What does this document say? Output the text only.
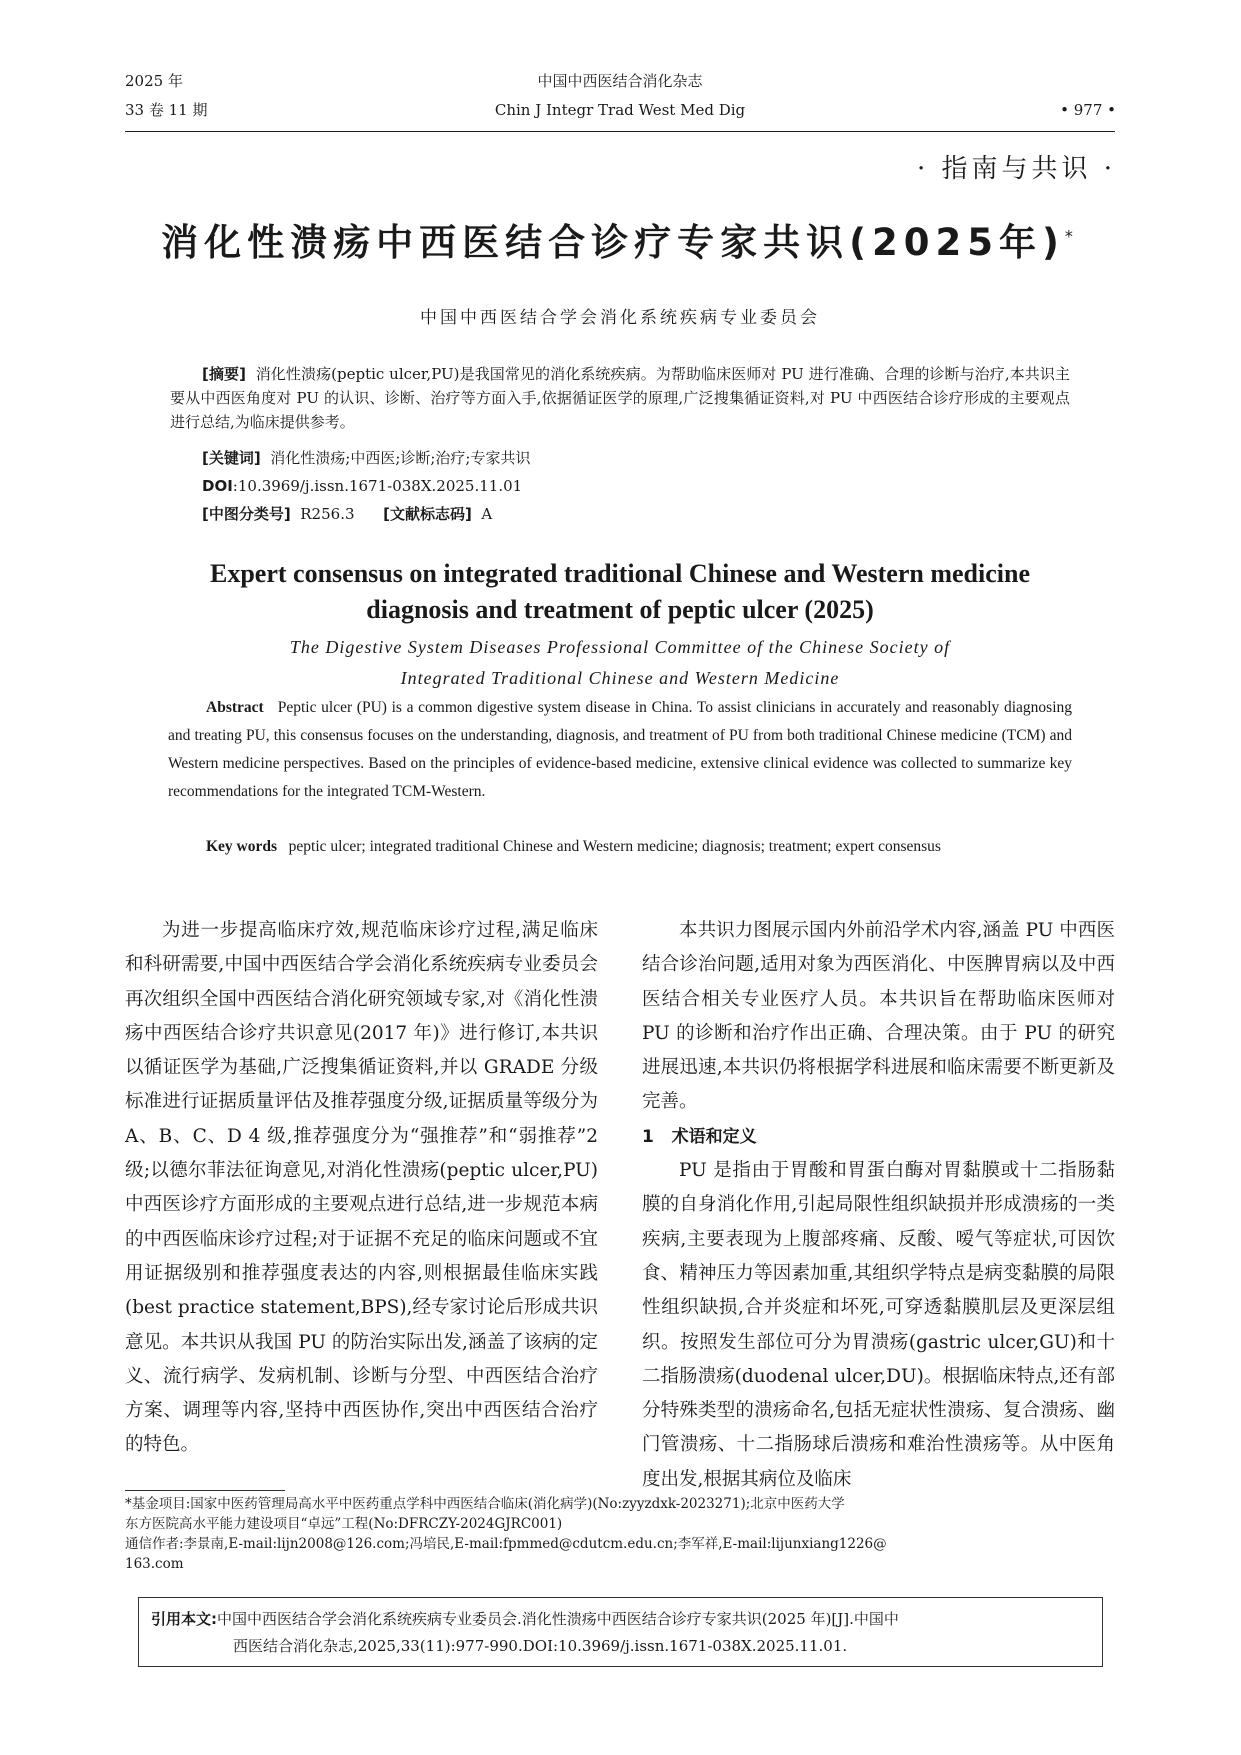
2025 年
33 卷 11 期
中国中西医结合消化杂志
Chin J Integr Trad West Med Dig	• 977 •
· 指南与共识 ·
消化性溃疡中西医结合诊疗专家共识(2025年)*
中国中西医结合学会消化系统疾病专业委员会
[摘要] 消化性溃疡(peptic ulcer,PU)是我国常见的消化系统疾病。为帮助临床医师对 PU 进行准确、合理的诊断与治疗,本共识主要从中西医角度对 PU 的认识、诊断、治疗等方面入手,依据循证医学的原理,广泛搜集循证资料,对 PU 中西医结合诊疗形成的主要观点进行总结,为临床提供参考。
[关键词] 消化性溃疡;中西医;诊断;治疗;专家共识
DOI:10.3969/j.issn.1671-038X.2025.11.01
[中图分类号] R256.3 [文献标志码] A
Expert consensus on integrated traditional Chinese and Western medicine
diagnosis and treatment of peptic ulcer (2025)
The Digestive System Diseases Professional Committee of the Chinese Society of
Integrated Traditional Chinese and Western Medicine
Abstract Peptic ulcer (PU) is a common digestive system disease in China. To assist clinicians in accurately and reasonably diagnosing and treating PU, this consensus focuses on the understanding, diagnosis, and treatment of PU from both traditional Chinese medicine (TCM) and Western medicine perspectives. Based on the principles of evidence-based medicine, extensive clinical evidence was collected to summarize key recommendations for the integrated TCM-Western.
Key words peptic ulcer; integrated traditional Chinese and Western medicine; diagnosis; treatment; expert consensus

为进一步提高临床疗效,规范临床诊疗过程,满足临床和科研需要,中国中西医结合学会消化系统疾病专业委员会再次组织全国中西医结合消化研究领域专家,对《消化性溃疡中西医结合诊疗共识意见(2017 年)》进行修订,本共识以循证医学为基础,广泛搜集循证资料,并以 GRADE 分级标准进行证据质量评估及推荐强度分级,证据质量等级分为 A、B、C、D 4 级,推荐强度分为“强推荐”和“弱推荐”2 级;以德尔菲法征询意见,对消化性溃疡(peptic ulcer,PU)中西医诊疗方面形成的主要观点进行总结,进一步规范本病的中西医临床诊疗过程;对于证据不充足的临床问题或不宜用证据级别和推荐强度表达的内容,则根据最佳临床实践(best practice statement,BPS),经专家讨论后形成共识意见。本共识从我国 PU 的防治实际出发,涵盖了该病的定义、流行病学、发病机制、诊断与分型、中西医结合治疗方案、调理等内容,坚持中西医协作,突出中西医结合治疗的特色。

本共识力图展示国内外前沿学术内容,涵盖 PU 中西医结合诊治问题,适用对象为西医消化、中医脾胃病以及中西医结合相关专业医疗人员。本共识旨在帮助临床医师对 PU 的诊断和治疗作出正确、合理决策。由于 PU 的研究进展迅速,本共识仍将根据学科进展和临床需要不断更新及完善。

1 术语和定义

PU 是指由于胃酸和胃蛋白酶对胃黏膜或十二指肠黏膜的自身消化作用,引起局限性组织缺损并形成溃疡的一类疾病,主要表现为上腹部疼痛、反酸、嗳气等症状,可因饮食、精神压力等因素加重,其组织学特点是病变黏膜的局限性组织缺损,合并炎症和坏死,可穿透黏膜肌层及更深层组织。按照发生部位可分为胃溃疡(gastric ulcer,GU)和十二指肠溃疡(duodenal ulcer,DU)。根据临床特点,还有部分特殊类型的溃疡命名,包括无症状性溃疡、复合溃疡、幽门管溃疡、十二指肠球后溃疡和难治性溃疡等。从中医角度出发,根据其病位及临床

*基金项目:国家中医药管理局高水平中医药重点学科中西医结合临床(消化病学)(No:zyyzdxk-2023271);北京中医药大学
东方医院高水平能力建设项目“卓远”工程(No:DFRCZY-2024GJRC001)
通信作者:李景南,E-mail:lijn2008@126.com;冯培民,E-mail:fpmmed@cdutcm.edu.cn;李军祥,E-mail:lijunxiang1226@
163.com
引用本文:中国中西医结合学会消化系统疾病专业委员会.消化性溃疡中西医结合诊疗专家共识(2025 年)[J].中国中
西医结合消化杂志,2025,33(11):977-990.DOI:10.3969/j.issn.1671-038X.2025.11.01.
